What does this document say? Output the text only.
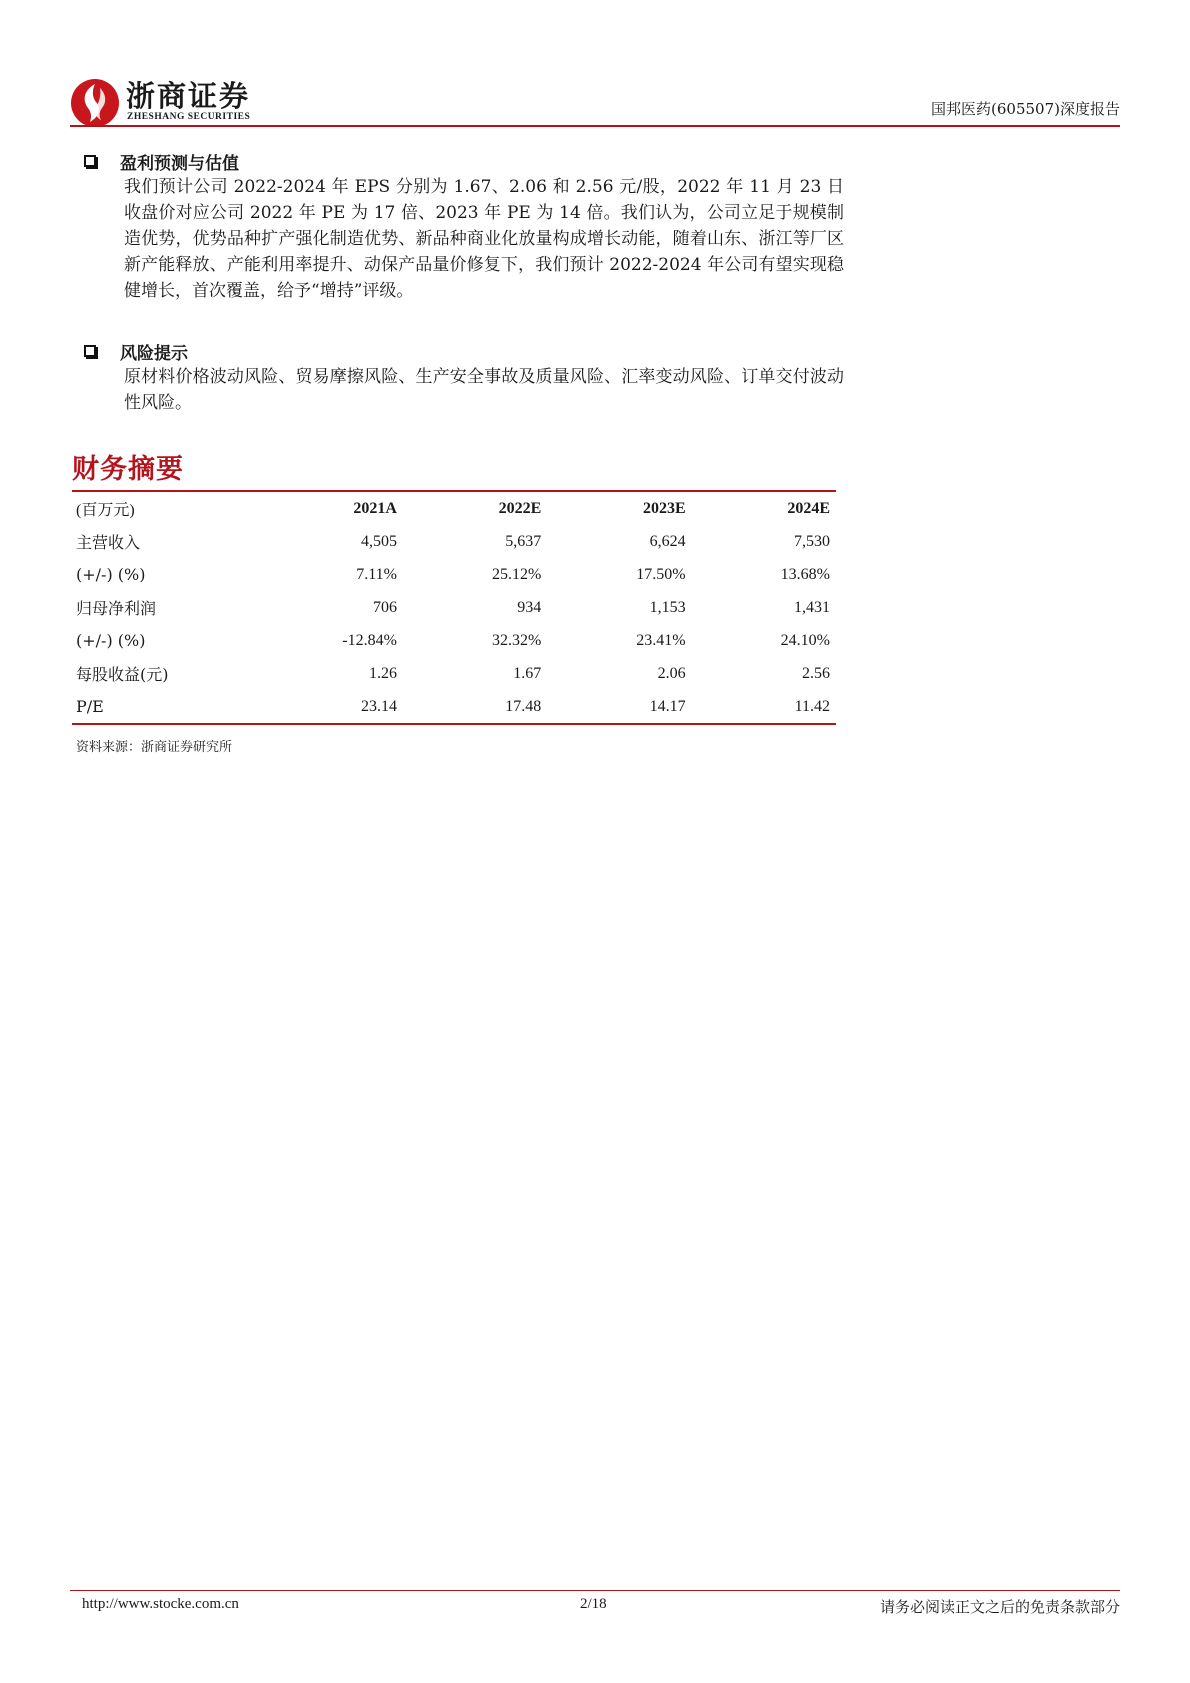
浙商证券
ZHESHANG SECURITIES	国邦医药(605507)深度报告
盈利预测与估值
我们预计公司 2022-2024 年 EPS 分别为 1.67、2.06 和 2.56 元/股，2022 年 11 月 23 日收盘价对应公司 2022 年 PE 为 17 倍、2023 年 PE 为 14 倍。我们认为，公司立足于规模制造优势，优势品种扩产强化制造优势、新品种商业化放量构成增长动能，随着山东、浙江等厂区新产能释放、产能利用率提升、动保产品量价修复下，我们预计 2022-2024 年公司有望实现稳健增长，首次覆盖，给予“增持”评级。
风险提示
原材料价格波动风险、贸易摩擦风险、生产安全事故及质量风险、汇率变动风险、订单交付波动性风险。
财务摘要
(百万元)	2021A	2022E	2023E	2024E
主营收入	4,505	5,637	6,624	7,530
(+/-) (%)	7.11%	25.12%	17.50%	13.68%
归母净利润	706	934	1,153	1,431
(+/-) (%)	-12.84%	32.32%	23.41%	24.10%
每股收益(元)	1.26	1.67	2.06	2.56
P/E	23.14	17.48	14.17	11.42
资料来源：浙商证券研究所
http://www.stocke.com.cn	2/18	请务必阅读正文之后的免责条款部分
